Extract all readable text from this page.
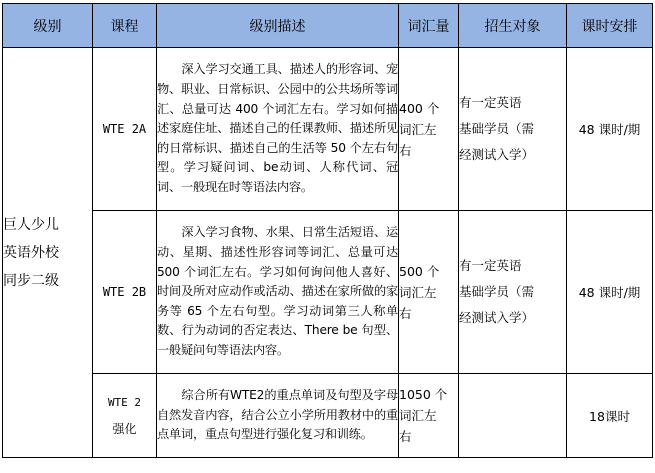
级别	课程	级别描述	词汇量	招生对象	课时安排

巨人少儿
英语外校
同步二级	WTE 2A	深入学习交通工具、描述人的形容词、宠物、职业、日常标识、公园中的公共场所等词汇、总量可达 400 个词汇左右。学习如何描述家庭住址、描述自己的任课教师、描述所见的日常标识、描述自己的生活等 50 个左右句型。学习疑问词、be动词、人称代词、冠词、一般现在时等语法内容。	400 个
词汇左
右	有一定英语
基础学员（需
经测试入学）	48 课时/期
	WTE 2B	深入学习食物、水果、日常生活短语、运动、星期、描述性形容词等词汇、总量可达 500 个词汇左右。学习如何询问他人喜好、时间及所对应动作或活动、描述在家所做的家务等 65 个左右句型。学习动词第三人称单数、行为动词的否定表达、There be 句型、一般疑问句等语法内容。	500 个
词汇左
右	有一定英语
基础学员（需
经测试入学）	48 课时/期

	WTE 2
强化	综合所有WTE2的重点单词及句型及字母自然发音内容，结合公立小学所用教材中的重点单词，重点句型进行强化复习和训练。	1050 个
词汇左
右		18课时
